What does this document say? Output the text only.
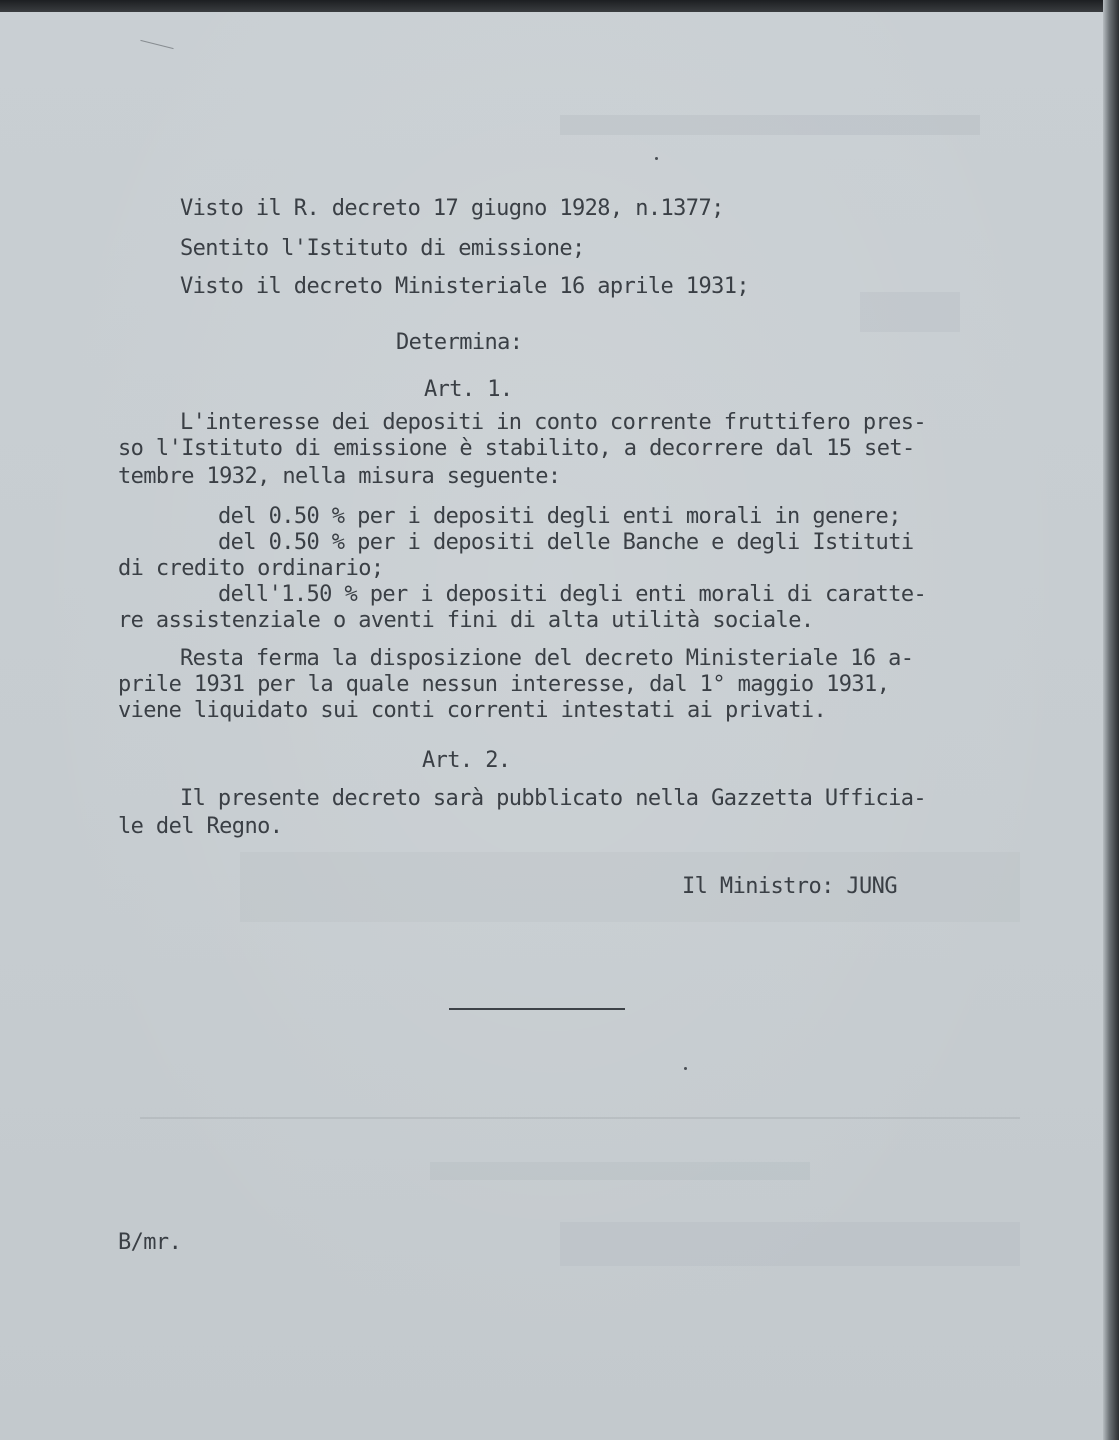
Visto il R. decreto 17 giugno 1928, n.1377;
Sentito l'Istituto di emissione;
Visto il decreto Ministeriale 16 aprile 1931;
Determina:
Art. 1.
L'interesse dei depositi in conto corrente fruttifero pres-
so l'Istituto di emissione è stabilito, a decorrere dal 15 set-
tembre 1932, nella misura seguente:
del 0.50 % per i depositi degli enti morali in genere;
del 0.50 % per i depositi delle Banche e degli Istituti
di credito ordinario;
dell'1.50 % per i depositi degli enti morali di caratte-
re assistenziale o aventi fini di alta utilità sociale.
Resta ferma la disposizione del decreto Ministeriale 16 a-
prile 1931 per la quale nessun interesse, dal 1° maggio 1931,
viene liquidato sui conti correnti intestati ai privati.
Art. 2.
Il presente decreto sarà pubblicato nella Gazzetta Ufficia-
le del Regno.
Il Ministro: JUNG
B/mr.
